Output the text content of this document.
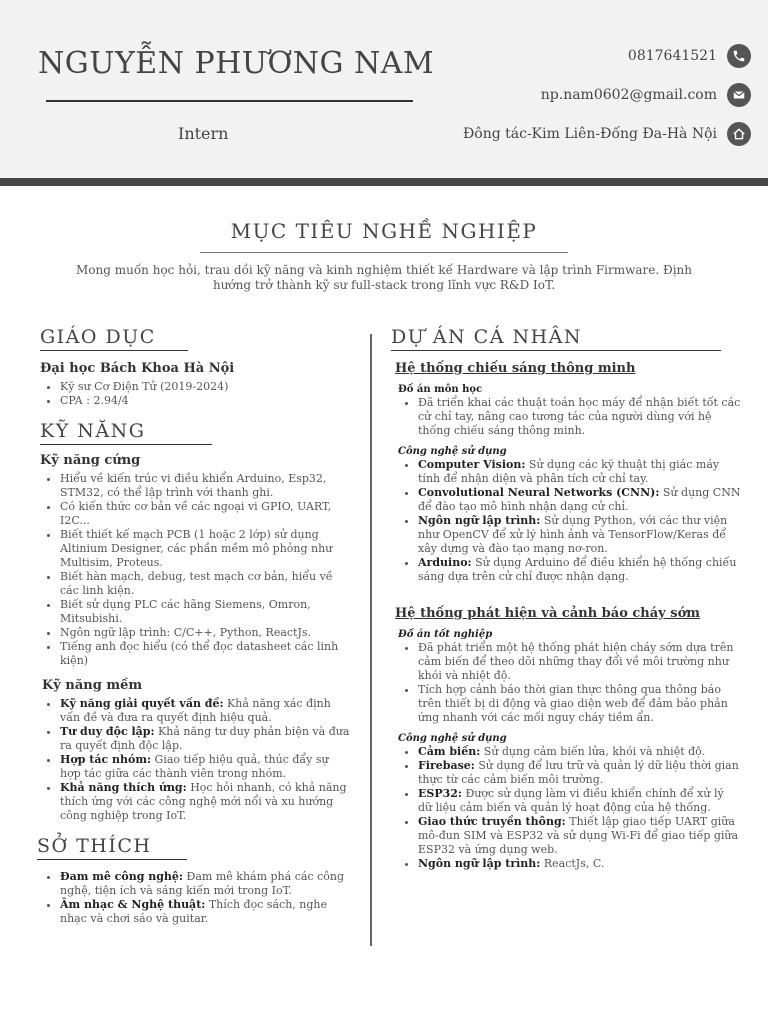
NGUYỄN PHƯƠNG NAM
Intern
0817641521
np.nam0602@gmail.com
Đông tác-Kim Liên-Đống Đa-Hà Nội
MỤC TIÊU NGHỀ NGHIỆP
Mong muốn học hỏi, trau dồi kỹ năng và kinh nghiệm thiết kế Hardware và lập trình Firmware. Định hướng trở thành kỹ sư full-stack trong lĩnh vực R&D IoT.
GIÁO DỤC
Đại học Bách Khoa Hà Nội
• Kỹ sư Cơ Điện Tử (2019-2024)
• CPA : 2.94/4
KỸ NĂNG
Kỹ năng cứng
• Hiểu về kiến trúc vi điều khiển Arduino, Esp32, STM32, có thể lập trình với thanh ghi.
• Có kiến thức cơ bản về các ngoại vi GPIO, UART, I2C...
• Biết thiết kế mạch PCB (1 hoặc 2 lớp) sử dụng Altinium Designer, các phần mềm mô phỏng như Multisim, Proteus.
• Biết hàn mạch, debug, test mạch cơ bản, hiểu về các linh kiện.
• Biết sử dụng PLC các hãng Siemens, Omron, Mitsubishi.
• Ngôn ngữ lập trình: C/C++, Python, ReactJs.
• Tiếng anh đọc hiểu (có thể đọc datasheet các linh kiện)
Kỹ năng mềm
• Kỹ năng giải quyết vấn đề: Khả năng xác định vấn đề và đưa ra quyết định hiệu quả.
• Tư duy độc lập: Khả năng tư duy phản biện và đưa ra quyết định độc lập.
• Hợp tác nhóm: Giao tiếp hiệu quả, thúc đẩy sự hợp tác giữa các thành viên trong nhóm.
• Khả năng thích ứng: Học hỏi nhanh, có khả năng thích ứng với các công nghệ mới nổi và xu hướng công nghiệp trong IoT.
SỞ THÍCH
• Đam mê công nghệ: Đam mê khám phá các công nghệ, tiện ích và sáng kiến mới trong IoT.
• Âm nhạc & Nghệ thuật: Thích đọc sách, nghe nhạc và chơi sáo và guitar.
DỰ ÁN CÁ NHÂN
Hệ thống chiếu sáng thông minh
Đồ án môn học
• Đã triển khai các thuật toán học máy để nhận biết tốt các cử chỉ tay, nâng cao tương tác của người dùng với hệ thống chiếu sáng thông minh.
Công nghệ sử dụng
• Computer Vision: Sử dụng các kỹ thuật thị giác máy tính để nhận diện và phân tích cử chỉ tay.
• Convolutional Neural Networks (CNN): Sử dụng CNN để đào tạo mô hình nhận dạng cử chỉ.
• Ngôn ngữ lập trình: Sử dụng Python, với các thư viện như OpenCV để xử lý hình ảnh và TensorFlow/Keras để xây dựng và đào tạo mạng nơ-ron.
• Arduino: Sử dụng Arduino để điều khiển hệ thống chiếu sáng dựa trên cử chỉ được nhận dạng.
Hệ thống phát hiện và cảnh báo cháy sớm
Đồ án tốt nghiệp
• Đã phát triển một hệ thống phát hiện cháy sớm dựa trên cảm biến để theo dõi những thay đổi về môi trường như khói và nhiệt độ.
• Tích hợp cảnh báo thời gian thực thông qua thông báo trên thiết bị di động và giao diện web để đảm bảo phản ứng nhanh với các mối nguy cháy tiềm ẩn.
Công nghệ sử dụng
• Cảm biến: Sử dụng cảm biến lửa, khói và nhiệt độ.
• Firebase: Sử dụng để lưu trữ và quản lý dữ liệu thời gian thực từ các cảm biến môi trường.
• ESP32: Được sử dụng làm vi điều khiển chính để xử lý dữ liệu cảm biến và quản lý hoạt động của hệ thống.
• Giao thức truyền thông: Thiết lập giao tiếp UART giữa mô-đun SIM và ESP32 và sử dụng Wi-Fi để giao tiếp giữa ESP32 và ứng dụng web.
• Ngôn ngữ lập trình: ReactJs, C.
